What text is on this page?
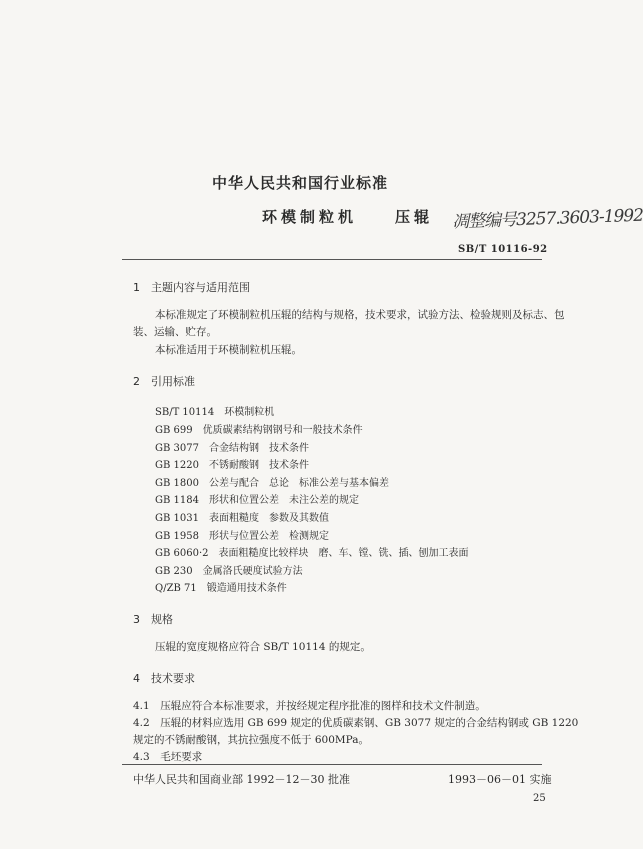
中华人民共和国行业标准
环模制粒机　　压辊 凋整编号3257.3603-1992
SB/T 10116-92
1 主题内容与适用范围
本标准规定了环模制粒机压辊的结构与规格，技术要求，试验方法、检验规则及标志、包
装、运输、贮存。
本标准适用于环模制粒机压辊。
2 引用标准
SB/T 10114　环模制粒机
GB 699　优质碳素结构钢钢号和一般技术条件
GB 3077　合金结构钢　技术条件
GB 1220　不锈耐酸钢　技术条件
GB 1800　公差与配合　总论　标准公差与基本偏差
GB 1184　形状和位置公差　未注公差的规定
GB 1031　表面粗糙度　参数及其数值
GB 1958　形状与位置公差　检测规定
GB 6060·2　表面粗糙度比较样块　磨、车、镗、铣、插、刨加工表面
GB 230　金属洛氏硬度试验方法
Q/ZB 71　锻造通用技术条件
3 规格
压辊的宽度规格应符合 SB/T 10114 的规定。
4 技术要求
4.1　压辊应符合本标准要求，并按经规定程序批准的图样和技术文件制造。
4.2　压辊的材料应选用 GB 699 规定的优质碳素钢、GB 3077 规定的合金结构钢或 GB 1220
规定的不锈耐酸钢，其抗拉强度不低于 600MPa。
4.3　毛坯要求
中华人民共和国商业部 1992－12－30 批准	1993－06－01 实施
25
